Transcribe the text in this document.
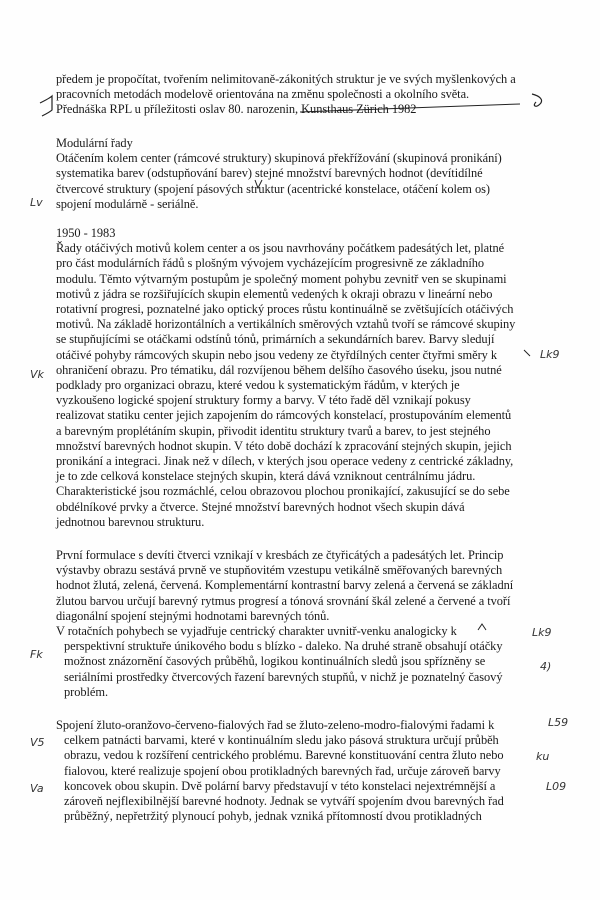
předem je propočítat, tvořením nelimitovaně-zákonitých struktur je ve svých myšlenkových a
pracovních metodách modelově orientována na změnu společnosti a okolního světa.
Přednáška RPL u příležitosti oslav 80. narozenin, Kunsthaus Zürich 1982
Modulární řady
Otáčením kolem center (rámcové struktury) skupinová překřížování (skupinová pronikání)
systematika barev (odstupňování barev) stejné množství barevných hodnot (devítidílné
čtvercové struktury (spojení pásových struktur (acentrické konstelace, otáčení kolem os)
spojení modulárně - seriálně.
1950 - 1983
Řady otáčivých motivů kolem center a os jsou navrhovány počátkem padesátých let, platné
pro část modulárních řádů s plošným vývojem vycházejícím progresivně ze základního
modulu. Těmto výtvarným postupům je společný moment pohybu zevnitř ven se skupinami
motivů z jádra se rozšiřujících skupin elementů vedených k okraji obrazu v lineární nebo
rotativní progresi, poznatelné jako optický proces růstu kontinuálně se zvětšujících otáčivých
motivů. Na základě horizontálních a vertikálních směrových vztahů tvoří se rámcové skupiny
se stupňujícími se otáčkami odstínů tónů, primárních a sekundárních barev. Barvy sledují
otáčivé pohyby rámcových skupin nebo jsou vedeny ze čtyřdílných center čtyřmi směry k
ohraničení obrazu. Pro tématiku, dál rozvíjenou během delšího časového úseku, jsou nutné
podklady pro organizaci obrazu, které vedou k systematickým řádům, v kterých je
vyzkoušeno logické spojení struktury formy a barvy. V této řadě děl vznikají pokusy
realizovat statiku center jejich zapojením do rámcových konstelací, prostupováním elementů
a barevným proplétáním skupin, přivodit identitu struktury tvarů a barev, to jest stejného
množství barevných hodnot skupin. V této době dochází k zpracování stejných skupin, jejich
pronikání a integraci. Jinak než v dílech, v kterých jsou operace vedeny z centrické základny,
je to zde celková konstelace stejných skupin, která dává vzniknout centrálnímu jádru.
Charakteristické jsou rozmáchlé, celou obrazovou plochou pronikající, zakusující se do sebe
obdélníkové prvky a čtverce. Stejné množství barevných hodnot všech skupin dává
jednotnou barevnou strukturu.
První formulace s devíti čtverci vznikají v kresbách ze čtyřicátých a padesátých let. Princip
výstavby obrazu sestává prvně ve stupňovitém vzestupu vetikálně směřovaných barevných
hodnot žlutá, zelená, červená. Komplementární kontrastní barvy zelená a červená se základní
žlutou barvou určují barevný rytmus progresí a tónová srovnání škál zelené a červené a tvoří
diagonální spojení stejnými hodnotami barevných tónů.
V rotačních pohybech se vyjadřuje centrický charakter uvnitř-venku analogicky k
perspektivní struktuře únikového bodu s blízko - daleko. Na druhé straně obsahují otáčky
možnost znázornění časových průběhů, logikou kontinuálních sledů jsou spřízněny se
seriálními prostředky čtvercových řazení barevných stupňů, v nichž je poznatelný časový
problém.
Spojení žluto-oranžovo-červeno-fialových řad se žluto-zeleno-modro-fialovými řadami k
celkem patnácti barvami, které v kontinuálním sledu jako pásová struktura určují průběh
obrazu, vedou k rozšíření centrického problému. Barevné konstituování centra žluto nebo
fialovou, které realizuje spojení obou protikladných barevných řad, určuje zároveň barvy
koncovek obou skupin. Dvě polární barvy představují v této konstelaci nejextrémnější a
zároveň nejflexibilnější barevné hodnoty. Jednak se vytváří spojením dvou barevných řad
průběžný, nepřetržitý plynoucí pohyb, jednak vzniká přítomností dvou protikladných
Lv
Lk9
Vk
Lk9
Fk
4)
L59
V5
ku
Va	L09
